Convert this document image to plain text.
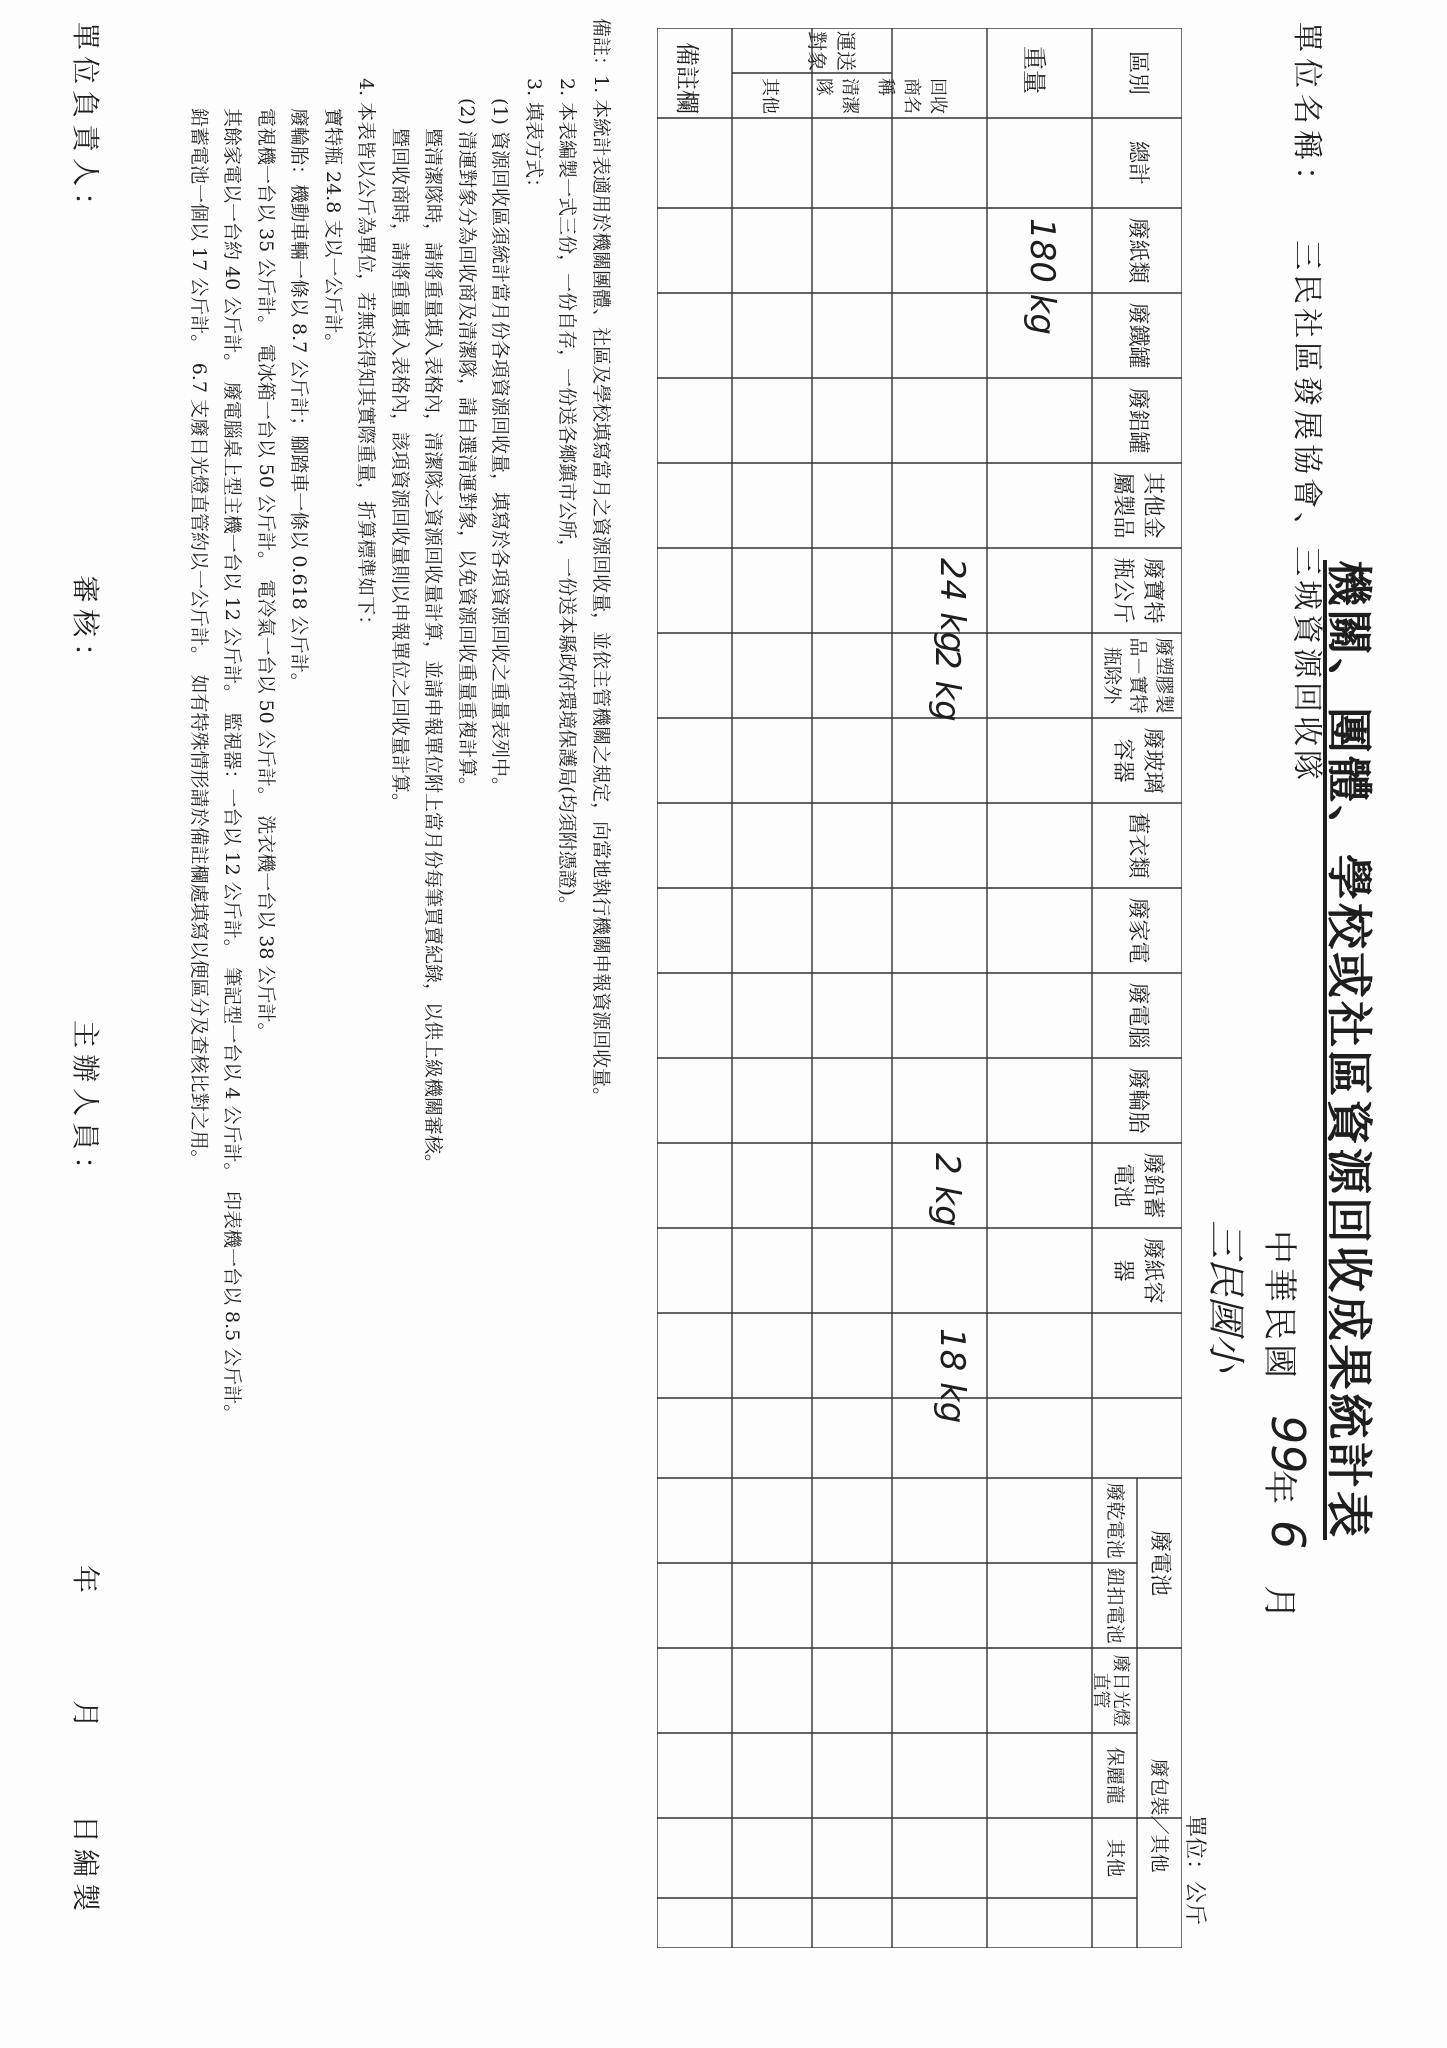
單位名稱：
三民社區發展協會、三城資源回收隊
機關、團體、學校或社區資源回收成果統計表
中華民國
99
年
6
月
三民國小
單位：公斤
區別
總計
廢紙類
廢鐵罐
廢鋁罐
其他金屬製品
廢寶特瓶公斤
廢塑膠製品－寶特瓶除外
廢玻璃容器
舊衣類
廢家電
廢電腦
廢輪胎
廢鉛蓄電池
廢紙容器
廢電池
廢乾電池
鈕扣電池
廢日光燈直管
廢包裝／其他
保麗龍
其他
重量
運送對象
回收商名稱
清潔隊
其他
備註欄
180 kg
24 kg
2 kg
2 kg
18 kg
備註：1. 本統計表適用於機關團體、社區及學校填寫當月之資源回收量，並依主管機關之規定，向當地執行機關申報資源回收量。
2. 本表編製一式三份，一份自存，一份送各鄉鎮市公所，一份送本縣政府環境保護局(均須附憑證)。
3. 填表方式：
(1) 資源回收區須統計當月份各項資源回收量，填寫於各項資源回收之重量表列中。
(2) 清運對象分為回收商及清潔隊，請自選清運對象，以免資源回收重量重複計算。
暨清潔隊時，請將重量填入表格內，清潔隊之資源回收量計算，並請申報單位附上當月份每筆買賣紀錄，以供上級機關審核。
暨回收商時，請將重量填入表格內，該項資源回收量則以申報單位之回收量計算。
4. 本表皆以公斤為單位，若無法得知其實際重量，折算標準如下：
寶特瓶 24.8 支以一公斤計。
廢輪胎：機動車輛一條以 8.7 公斤計；腳踏車一條以 0.618 公斤計。
電視機一台以 35 公斤計。　電冰箱一台以 50 公斤計。　電冷氣一台以 50 公斤計。　洗衣機一台以 38 公斤計。
其餘家電以一台約 40 公斤計。　廢電腦桌上型主機一台以 12 公斤計。　監視器：一台以 12 公斤計。　筆記型一台以 4 公斤計。　印表機一台以 8.5 公斤計。
鉛蓄電池一個以 17 公斤計。　6.7 支廢日光燈直管約以一公斤計。　如有特殊情形請於備註欄處填寫以便區分及查核比對之用。
單位負責人：
審核：
主辦人員：
年
月
日編製
